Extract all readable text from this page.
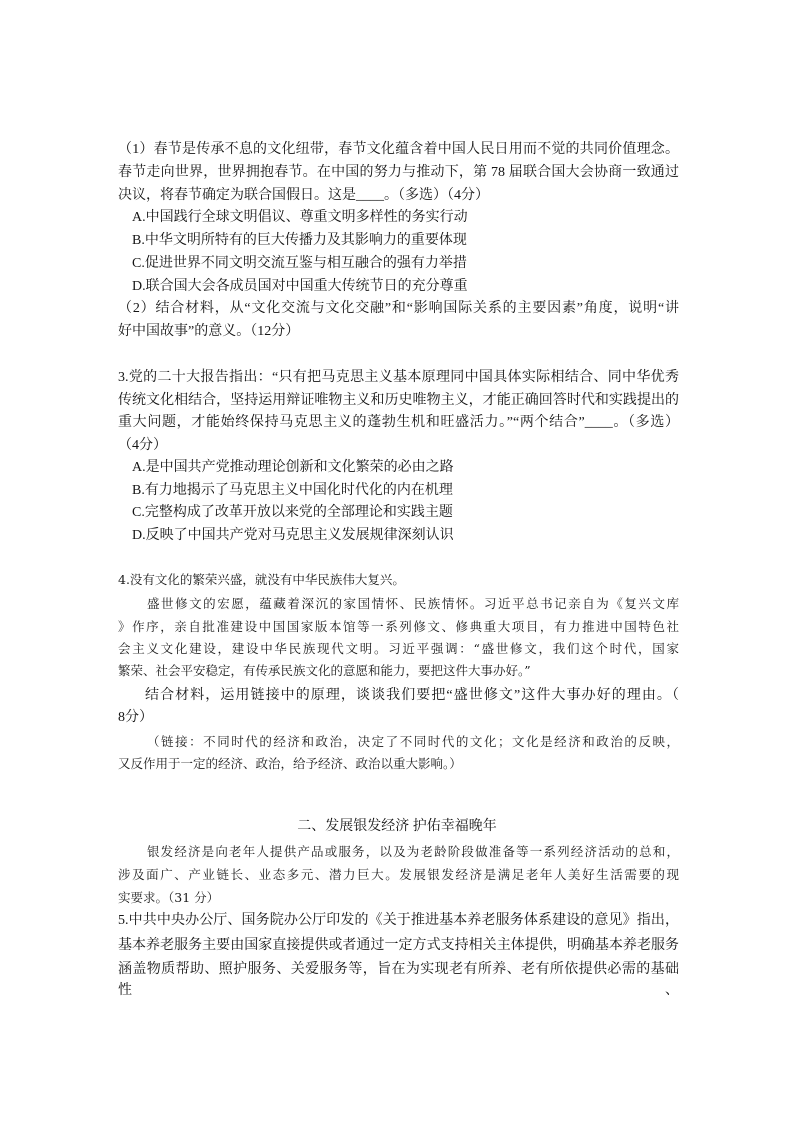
（1）春节是传承不息的文化纽带，春节文化蕴含着中国人民日用而不觉的共同价值理念。
春节走向世界，世界拥抱春节。在中国的努力与推动下，第 78 届联合国大会协商一致通过
决议，将春节确定为联合国假日。这是____。（多选）（4分）
A.中国践行全球文明倡议、尊重文明多样性的务实行动
B.中华文明所特有的巨大传播力及其影响力的重要体现
C.促进世界不同文明交流互鉴与相互融合的强有力举措
D.联合国大会各成员国对中国重大传统节日的充分尊重
（2）结合材料，从“文化交流与文化交融”和“影响国际关系的主要因素”角度，说明“讲
好中国故事”的意义。（12分）
3.党的二十大报告指出：“只有把马克思主义基本原理同中国具体实际相结合、同中华优秀
传统文化相结合，坚持运用辩证唯物主义和历史唯物主义，才能正确回答时代和实践提出的
重大问题，才能始终保持马克思主义的蓬勃生机和旺盛活力。”“两个结合”____。（多选）
（4分）
A.是中国共产党推动理论创新和文化繁荣的必由之路
B.有力地揭示了马克思主义中国化时代化的内在机理
C.完整构成了改革开放以来党的全部理论和实践主题
D.反映了中国共产党对马克思主义发展规律深刻认识
4.没有文化的繁荣兴盛，就没有中华民族伟大复兴。
盛世修文的宏愿，蕴藏着深沉的家国情怀、民族情怀。习近平总书记亲自为《复兴文库
》作序，亲自批准建设中国国家版本馆等一系列修文、修典重大项目，有力推进中国特色社
会主义文化建设，建设中华民族现代文明。习近平强调：“盛世修文，我们这个时代，国家
繁荣、社会平安稳定，有传承民族文化的意愿和能力，要把这件大事办好。”
结合材料，运用链接中的原理，谈谈我们要把“盛世修文”这件大事办好的理由。（
8分）
（链接：不同时代的经济和政治，决定了不同时代的文化；文化是经济和政治的反映，
又反作用于一定的经济、政治，给予经济、政治以重大影响。）
二、发展银发经济 护佑幸福晚年
银发经济是向老年人提供产品或服务，以及为老龄阶段做准备等一系列经济活动的总和，
涉及面广、产业链长、业态多元、潜力巨大。发展银发经济是满足老年人美好生活需要的现
实要求。（31 分）
5.中共中央办公厅、国务院办公厅印发的《关于推进基本养老服务体系建设的意见》指出，
基本养老服务主要由国家直接提供或者通过一定方式支持相关主体提供，明确基本养老服务
涵盖物质帮助、照护服务、关爱服务等，旨在为实现老有所养、老有所依提供必需的基础性、
